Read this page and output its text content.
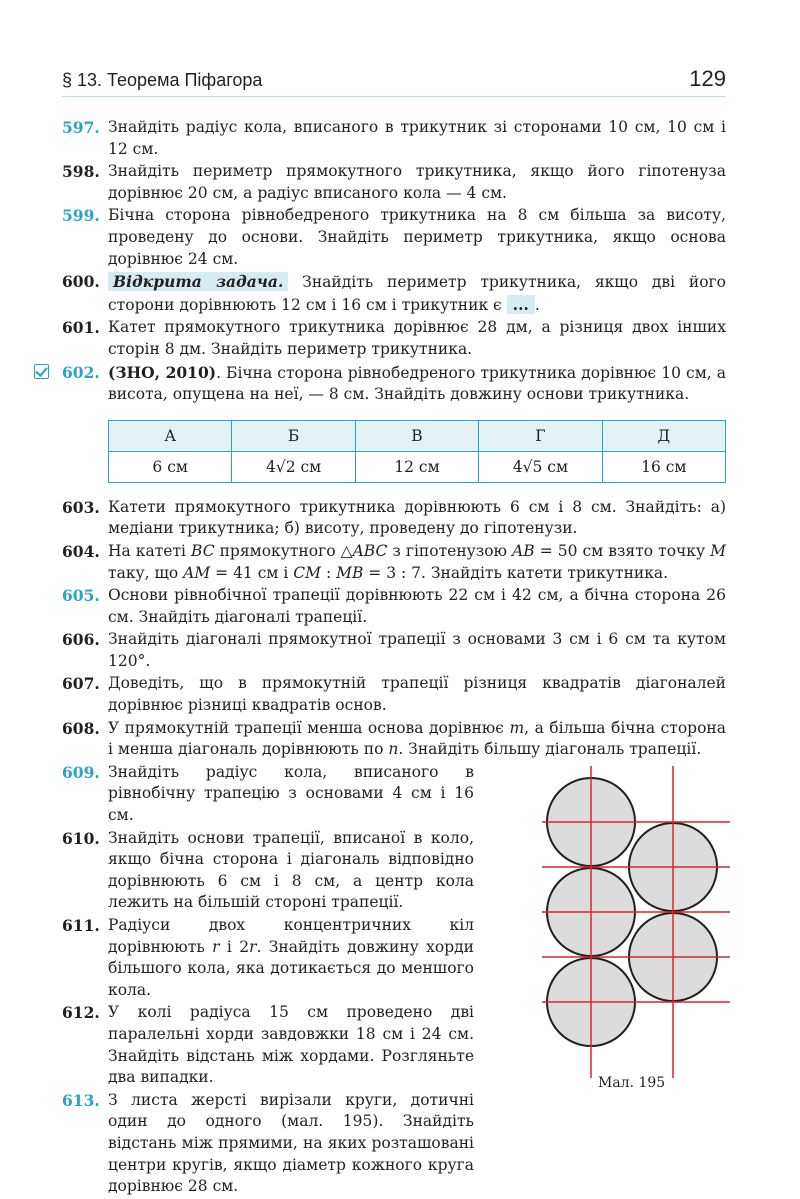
§ 13. Теорема Піфагора	129
597. Знайдіть радіус кола, вписаного в трикутник зі сторонами 10 см, 10 см і 12 см.
598. Знайдіть периметр прямокутного трикутника, якщо його гіпотенуза дорівнює 20 см, а радіус вписаного кола — 4 см.
599. Бічна сторона рівнобедреного трикутника на 8 см більша за висоту, проведену до основи. Знайдіть периметр трикутника, якщо основа дорівнює 24 см.
600. Відкрита задача. Знайдіть периметр трикутника, якщо дві його сторони дорівнюють 12 см і 16 см і трикутник є ... .
601. Катет прямокутного трикутника дорівнює 28 дм, а різниця двох інших сторін 8 дм. Знайдіть периметр трикутника.
602. (ЗНО, 2010). Бічна сторона рівнобедреного трикутника дорівнює 10 см, а висота, опущена на неї, — 8 см. Знайдіть довжину основи трикутника.
А	Б	В	Г	Д
6 см	4√2 см	12 см	4√5 см	16 см
603. Катети прямокутного трикутника дорівнюють 6 см і 8 см. Знайдіть: а) медіани трикутника; б) висоту, проведену до гіпотенузи.
604. На катеті BC прямокутного △ABC з гіпотенузою AB = 50 см взято точку M таку, що AM = 41 см і CM : MB = 3 : 7. Знайдіть катети трикутника.
605. Основи рівнобічної трапеції дорівнюють 22 см і 42 см, а бічна сторона 26 см. Знайдіть діагоналі трапеції.
606. Знайдіть діагоналі прямокутної трапеції з основами 3 см і 6 см та кутом 120°.
607. Доведіть, що в прямокутній трапеції різниця квадратів діагоналей дорівнює різниці квадратів основ.
608. У прямокутній трапеції менша основа дорівнює m, а більша бічна сторона і менша діагональ дорівнюють по n. Знайдіть більшу діагональ трапеції.
609. Знайдіть радіус кола, вписаного в рівнобічну трапецію з основами 4 см і 16 см.
610. Знайдіть основи трапеції, вписаної в коло, якщо бічна сторона і діагональ відповідно дорівнюють 6 см і 8 см, а центр кола лежить на більшій стороні трапеції.
611. Радіуси двох концентричних кіл дорівнюють r і 2r. Знайдіть довжину хорди більшого кола, яка дотикається до меншого кола.
612. У колі радіуса 15 см проведено дві паралельні хорди завдовжки 18 см і 24 см. Знайдіть відстань між хордами. Розгляньте два випадки.
613. З листа жерсті вирізали круги, дотичні один до одного (мал. 195). Знайдіть відстань між прямими, на яких розташовані центри кругів, якщо діаметр кожного круга дорівнює 28 см.
Мал. 195
